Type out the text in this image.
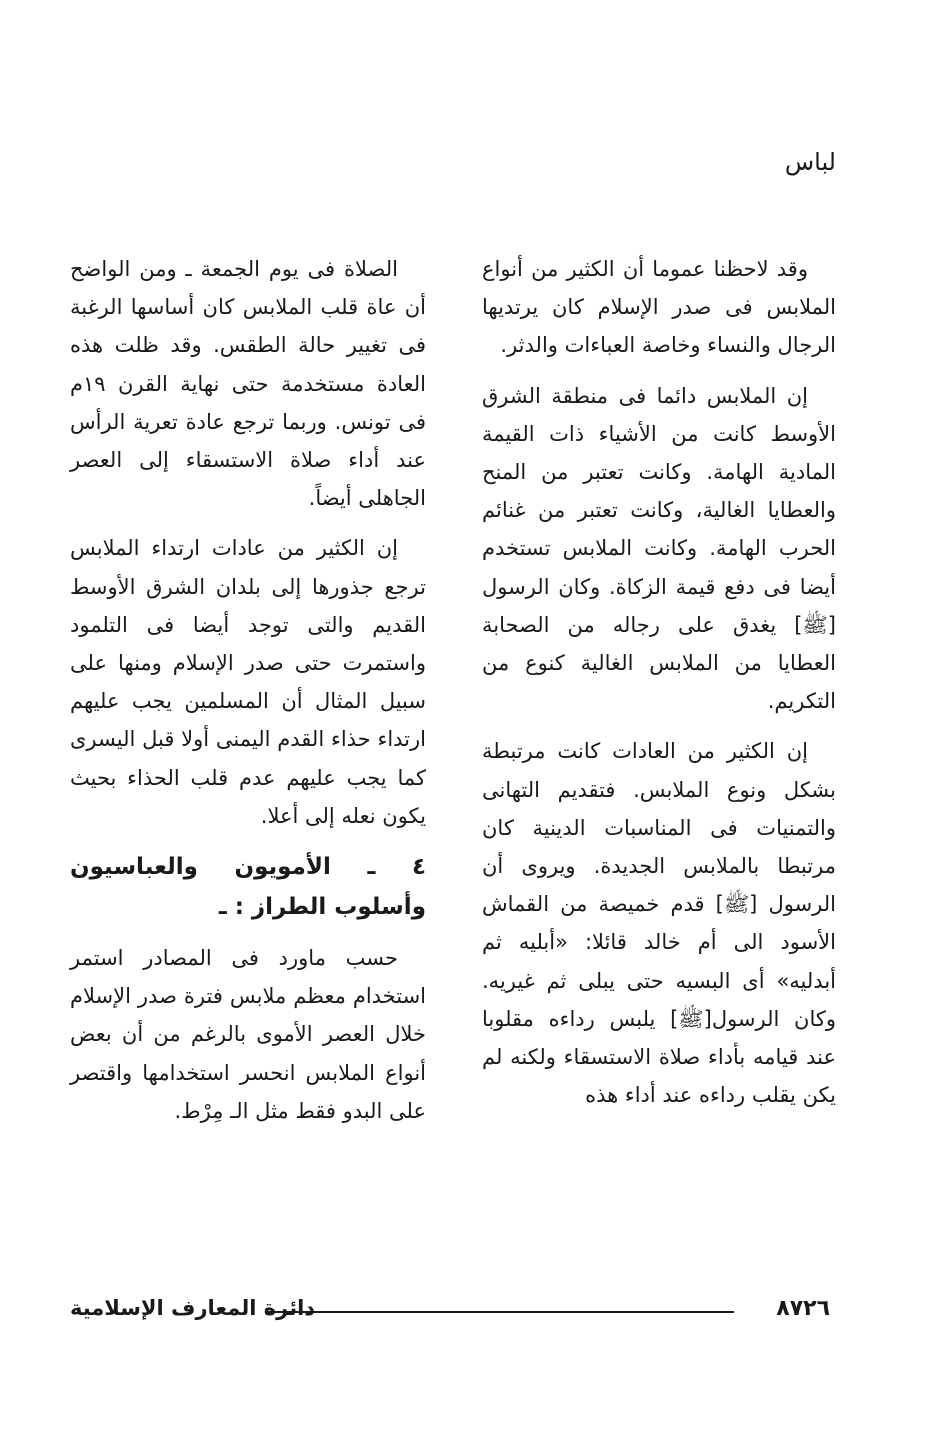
لباس

وقد لاحظنا عموما أن الكثير من أنواع الملابس فى صدر الإسلام كان يرتديها الرجال والنساء وخاصة العباءات والدثر.

إن الملابس دائما فى منطقة الشرق الأوسط كانت من الأشياء ذات القيمة المادية الهامة. وكانت تعتبر من المنح والعطايا الغالية، وكانت تعتبر من غنائم الحرب الهامة. وكانت الملابس تستخدم أيضا فى دفع قيمة الزكاة. وكان الرسول [ﷺ] يغدق على رجاله من الصحابة العطايا من الملابس الغالية كنوع من التكريم.

إن الكثير من العادات كانت مرتبطة بشكل ونوع الملابس. فتقديم التهانى والتمنيات فى المناسبات الدينية كان مرتبطا بالملابس الجديدة. ويروى أن الرسول [ﷺ] قدم خميصة من القماش الأسود الى أم خالد قائلا: «أبليه ثم أبدليه» أى البسيه حتى يبلى ثم غيريه. وكان الرسول[ﷺ] يلبس رداءه مقلوبا عند قيامه بأداء صلاة الاستسقاء ولكنه لم يكن يقلب رداءه عند أداء هذه

الصلاة فى يوم الجمعة ـ ومن الواضح أن عاة قلب الملابس كان أساسها الرغبة فى تغيير حالة الطقس. وقد ظلت هذه العادة مستخدمة حتى نهاية القرن ١٩م فى تونس. وربما ترجع عادة تعرية الرأس عند أداء صلاة الاستسقاء إلى العصر الجاهلى أيضاً.

إن الكثير من عادات ارتداء الملابس ترجع جذورها إلى بلدان الشرق الأوسط القديم والتى توجد أيضا فى التلمود واستمرت حتى صدر الإسلام ومنها على سبيل المثال أن المسلمين يجب عليهم ارتداء حذاء القدم اليمنى أولا قبل اليسرى كما يجب عليهم عدم قلب الحذاء بحيث يكون نعله إلى أعلا.

٤ ـ الأمويون والعباسيون وأسلوب الطراز : ـ

حسب ماورد فى المصادر استمر استخدام معظم ملابس فترة صدر الإسلام خلال العصر الأموى بالرغم من أن بعض أنواع الملابس انحسر استخدامها واقتصر على البدو فقط مثل الـ مِرْط.

٨٧٢٦
دائرة المعارف الإسلامية
